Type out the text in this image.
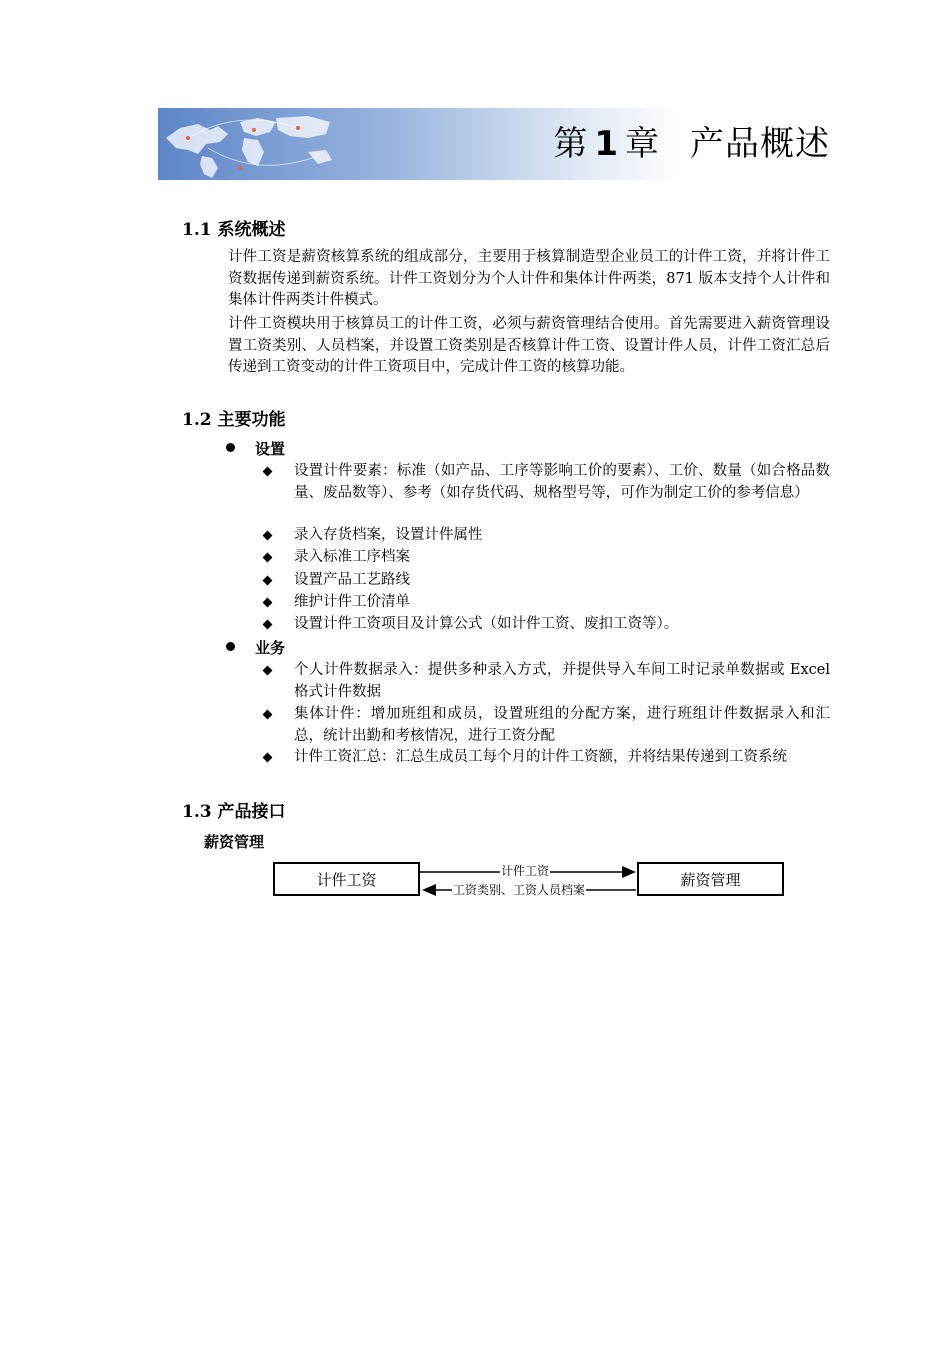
第 1 章 产品概述
1.1 系统概述
计件工资是薪资核算系统的组成部分，主要用于核算制造型企业员工的计件工资，并将计件工资数据传递到薪资系统。计件工资划分为个人计件和集体计件两类，871 版本支持个人计件和集体计件两类计件模式。
计件工资模块用于核算员工的计件工资，必须与薪资管理结合使用。首先需要进入薪资管理设置工资类别、人员档案，并设置工资类别是否核算计件工资、设置计件人员，计件工资汇总后传递到工资变动的计件工资项目中，完成计件工资的核算功能。
1.2 主要功能
设置
设置计件要素：标准（如产品、工序等影响工价的要素）、工价、数量（如合格品数量、废品数等）、参考（如存货代码、规格型号等，可作为制定工价的参考信息）
录入存货档案，设置计件属性
录入标准工序档案
设置产品工艺路线
维护计件工价清单
设置计件工资项目及计算公式（如计件工资、废扣工资等）。
业务
个人计件数据录入：提供多种录入方式，并提供导入车间工时记录单数据或 Excel 格式计件数据
集体计件：增加班组和成员，设置班组的分配方案，进行班组计件数据录入和汇总，统计出勤和考核情况，进行工资分配
计件工资汇总：汇总生成员工每个月的计件工资额，并将结果传递到工资系统
1.3 产品接口
薪资管理
计件工资	薪资管理
计件工资
工资类别、工资人员档案
